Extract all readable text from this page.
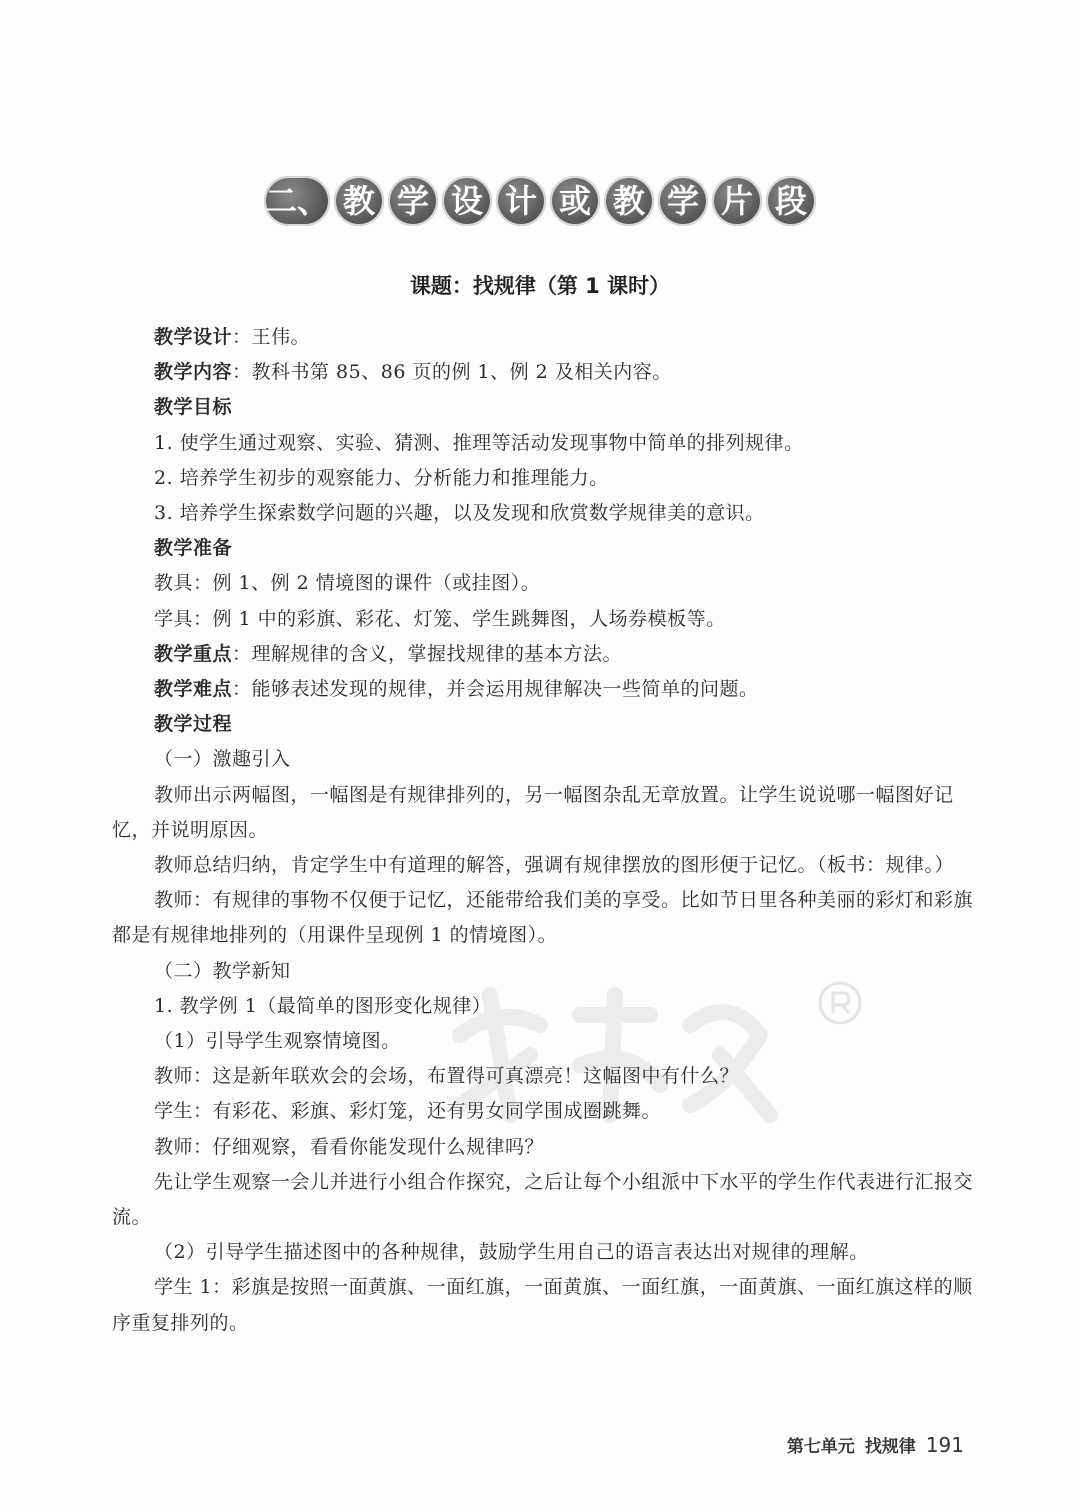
二、 教 学 设 计 或 教 学 片 段
课题：找规律（第 1 课时）

教学设计：王伟。

教学内容：教科书第 85、86 页的例 1、例 2 及相关内容。

教学目标

1. 使学生通过观察、实验、猜测、推理等活动发现事物中简单的排列规律。

2. 培养学生初步的观察能力、分析能力和推理能力。

3. 培养学生探索数学问题的兴趣，以及发现和欣赏数学规律美的意识。

教学准备

教具：例 1、例 2 情境图的课件（或挂图）。

学具：例 1 中的彩旗、彩花、灯笼、学生跳舞图，人场券模板等。

教学重点：理解规律的含义，掌握找规律的基本方法。

教学难点：能够表述发现的规律，并会运用规律解决一些简单的问题。

教学过程

（一）激趣引入

教师出示两幅图，一幅图是有规律排列的，另一幅图杂乱无章放置。让学生说说哪一幅图好记忆，并说明原因。

教师总结归纳，肯定学生中有道理的解答，强调有规律摆放的图形便于记忆。（板书：规律。）

教师：有规律的事物不仅便于记忆，还能带给我们美的享受。比如节日里各种美丽的彩灯和彩旗都是有规律地排列的（用课件呈现例 1 的情境图）。

（二）教学新知

1. 教学例 1（最简单的图形变化规律）

（1）引导学生观察情境图。

教师：这是新年联欢会的会场，布置得可真漂亮！这幅图中有什么？

学生：有彩花、彩旗、彩灯笼，还有男女同学围成圈跳舞。

教师：仔细观察，看看你能发现什么规律吗？

先让学生观察一会儿并进行小组合作探究，之后让每个小组派中下水平的学生作代表进行汇报交流。

（2）引导学生描述图中的各种规律，鼓励学生用自己的语言表达出对规律的理解。

学生 1：彩旗是按照一面黄旗、一面红旗，一面黄旗、一面红旗，一面黄旗、一面红旗这样的顺序重复排列的。

第七单元 找规律 191
